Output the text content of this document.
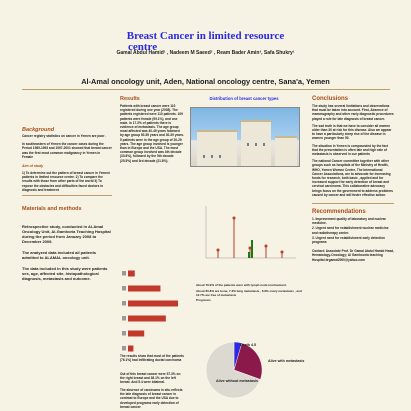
Breast Cancer in limited resource
centre
Gamal Abdul Hamid¹ , Nadeem M Saeed² , Ream Bader Amin³, Safa Shukry¹
Al-Amal oncology unit, Aden, National oncology centre, Sana'a, Yemen
Background
Cancer registry statistics on cancer in Yemen are poor .
In southeastern of Yemen the cancer cases during the Period 1989-1993 and 1997-2001 showed that breast cancer was the first most common malignancy in Yemen in Female
Aim of study
1) To determine out the pattern of breast cancer in Yemeni patients in limited resource centre. 2) To compare the results with those from other parts of the world 3) To expose the obstacles and difficulties faced doctors in diagnosis and treatment
Materials and methods
Retrospective study, conducted in Al-Amal Oncology Unit, Al-Gamhoria Teaching Hospital during the period from January 2008 to December 2009.
The analyzed data included all patients admitted to ALAMAL oncology unit.
The data included in this study were patients sex, age, affected site, histopathological diagnosis, metastasis and outcome.
Results
Patients with breast cancer were 110 registered during one year (2008). The patients registered were 110 patients. 109 patients were female (99.1%), and one male. In 17.3% of patients there is evidence of metastasis. The age group most affected was 40-49 years followed by age group 50-59 years and 30-39 years. 5 patients were in the age group of 20-29 years. The age group involved is younger than in Europe and the USA. The most common group involved was 4th decade (33.6%), followed by the 5th decade (25.5%) and 3rd decade (21.8%).
The results show that most of the patients (76.1%) had infiltrating ductal carcinoma
Out of this breast cancer were 57.3% on the right breast and 38.1% on the left breast. And 5.4 were bilateral.
The absence of carcinoma in situ reflects the late diagnosis of breast cancer in contrast to Europe and the USA due to developed programs early detection of breast cancer
Distribution of breast cancer types
About 79.9% of the patients were with lymph node involvement.
About 60.8% are bone, 7.3% lung metastasis , 6.9% ovary metastasis , and 12.7% are free of metastasis
Prognosis
Death 4.5
Alive with metastasis
Alive without metastasis
Conclusions
The study has several limitations and observations that must be taken into account. First, Absence of mammography and other early diagnostic procedures played a role for late diagnosis of breast cancer.
The sad truth is that we have to consider all women older than 30 at risk for this disease. Also we appear to have a particularly steep rise of the disease in women younger than 50.
The situation in Yemen is compounded by the fact that the presentation is often late and high rate of metastasis is observed in our patients
The national Cancer committee together with other groups such as hospitals of the Ministry of Health, WHO, Yemen Women Centre, The International Cancer Associations, are to advocate for increasing funds for research, both basic , applied and for increased support for early detection of breast and cervical carcinoma. This collaborative advocacy brings focus on the government to address problems caused by cancer and will foster effective action.
Recommendations
1. Improvement quality of laboratory and nuclear medicine.
2. Urgent need for establishment nuclear medicine and radiotherapy center.
3. Urgent need for establishment early detection programs
Contact: Associate Prof. Dr Gamal Abdul Hamid Head, Hematology-Oncology; Al Gamhouria teaching Hospital drgamal2000@yahoo.com
